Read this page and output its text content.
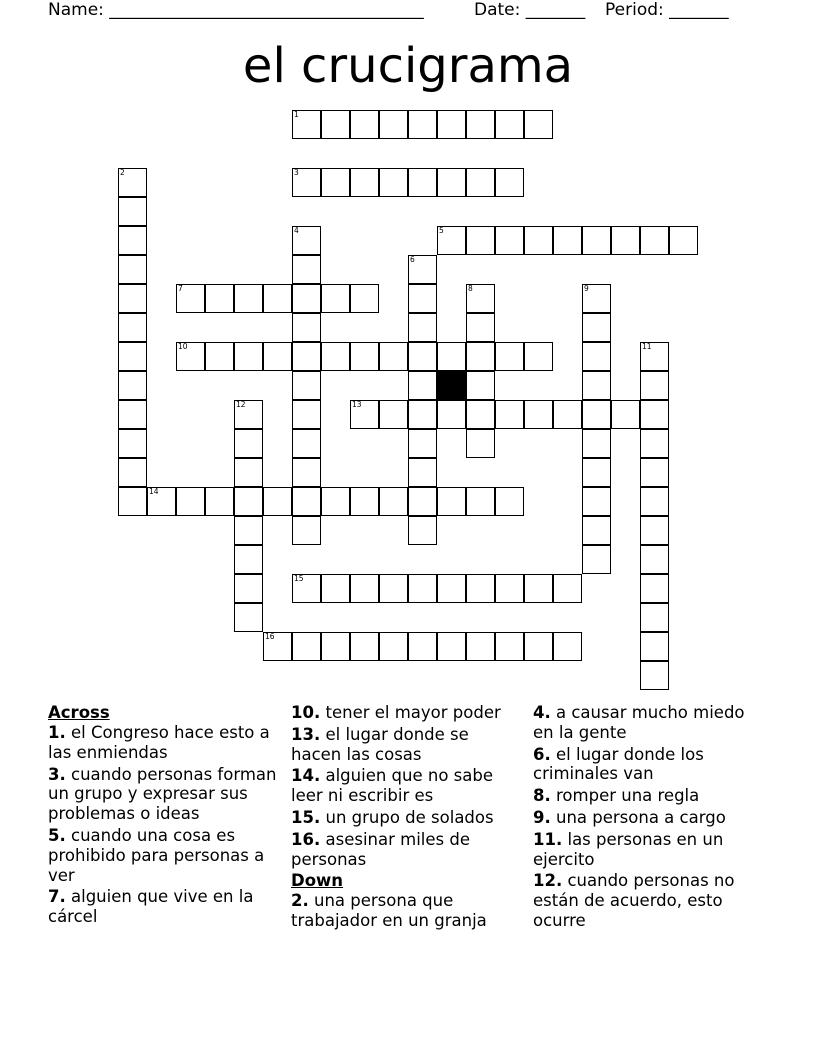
Name: _____________________________________	Date: _______ Period: _______
el crucigrama
1
3
5
7
10
13
14
15
16
2
4
6
8	9
11
12
Across

1. el Congreso hace esto a las enmiendas

3. cuando personas forman un grupo y expresar sus problemas o ideas

5. cuando una cosa es prohibido para personas a ver

7. alguien que vive en la cárcel

10. tener el mayor poder

13. el lugar donde se hacen las cosas

14. alguien que no sabe leer ni escribir es

15. un grupo de solados

16. asesinar miles de personas

Down

2. una persona que trabajador en un granja

4. a causar mucho miedo en la gente

6. el lugar donde los criminales van

8. romper una regla

9. una persona a cargo

11. las personas en un ejercito

12. cuando personas no están de acuerdo, esto ocurre
